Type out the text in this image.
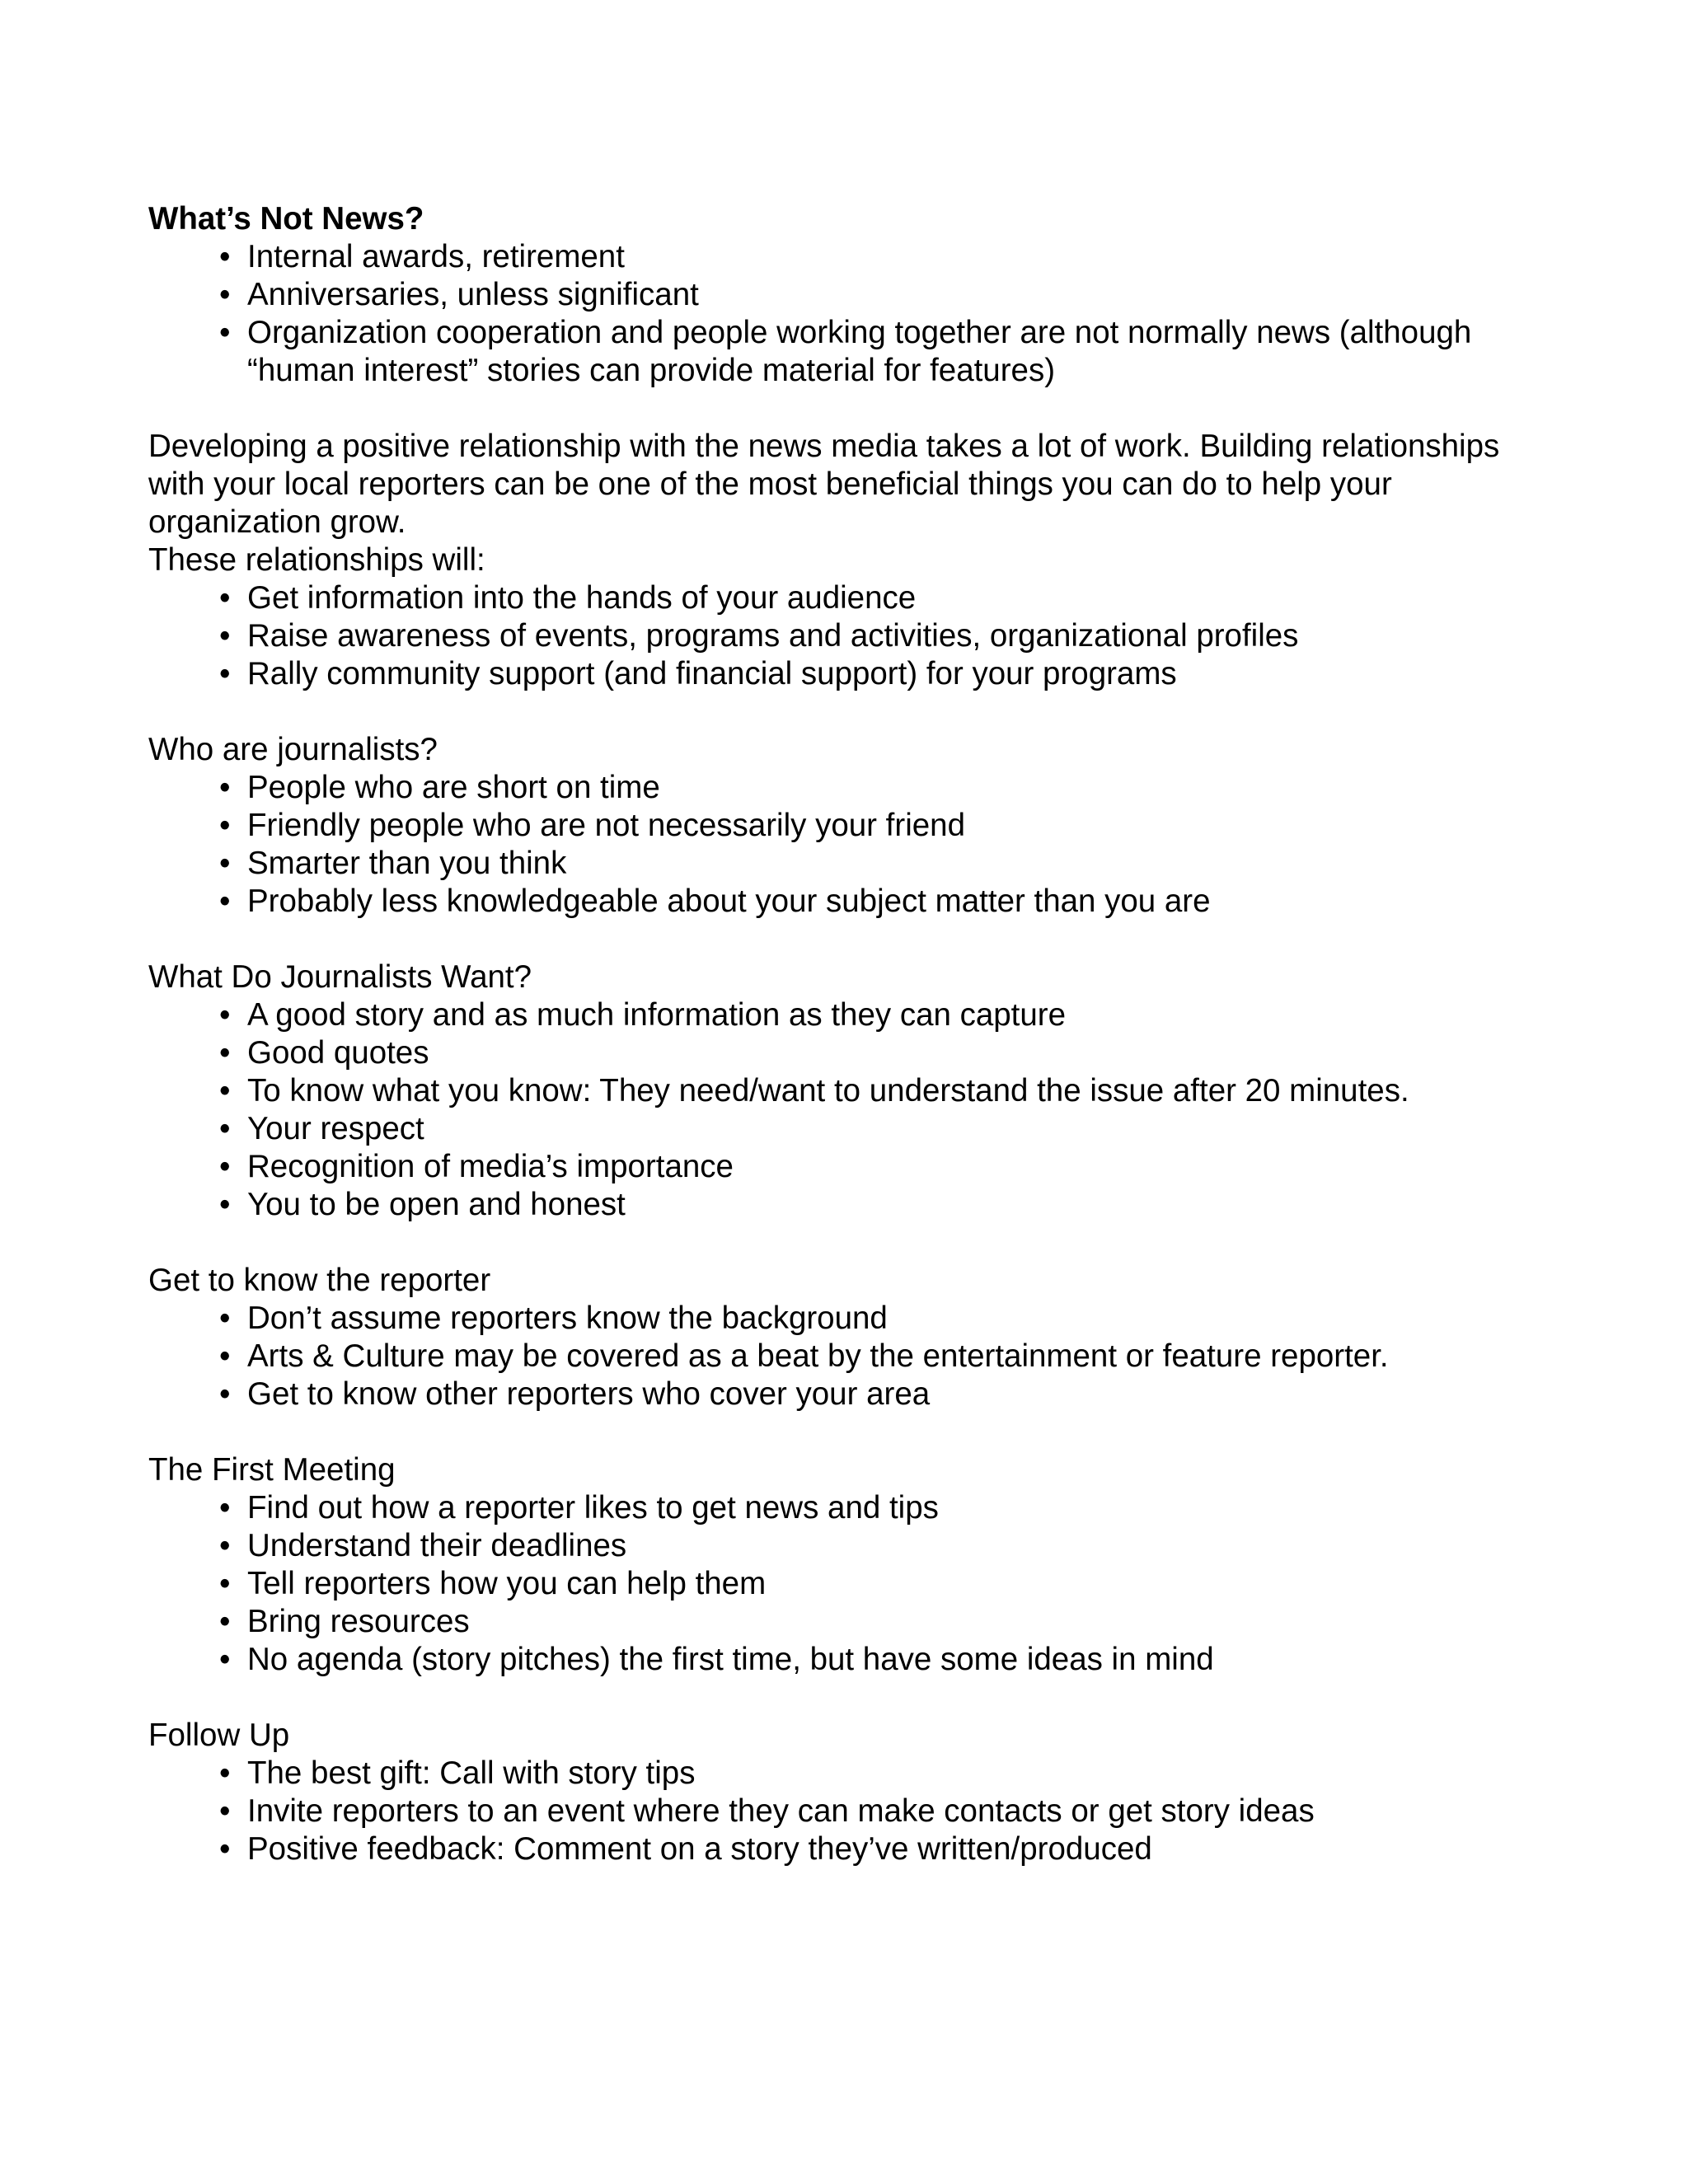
What’s Not News?
• Internal awards, retirement
• Anniversaries, unless significant
• Organization cooperation and people working together are not normally news (although “human interest” stories can provide material for features)

Developing a positive relationship with the news media takes a lot of work. Building relationships with your local reporters can be one of the most beneficial things you can do to help your organization grow.

These relationships will:
• Get information into the hands of your audience
• Raise awareness of events, programs and activities, organizational profiles
• Rally community support (and financial support) for your programs
Who are journalists?
• People who are short on time
• Friendly people who are not necessarily your friend
• Smarter than you think
• Probably less knowledgeable about your subject matter than you are
What Do Journalists Want?
• A good story and as much information as they can capture
• Good quotes
• To know what you know: They need/want to understand the issue after 20 minutes.
• Your respect
• Recognition of media’s importance
• You to be open and honest
Get to know the reporter
• Don’t assume reporters know the background
• Arts & Culture may be covered as a beat by the entertainment or feature reporter.
• Get to know other reporters who cover your area
The First Meeting
• Find out how a reporter likes to get news and tips
• Understand their deadlines
• Tell reporters how you can help them
• Bring resources
• No agenda (story pitches) the first time, but have some ideas in mind
Follow Up
• The best gift: Call with story tips
• Invite reporters to an event where they can make contacts or get story ideas
• Positive feedback: Comment on a story they’ve written/produced
